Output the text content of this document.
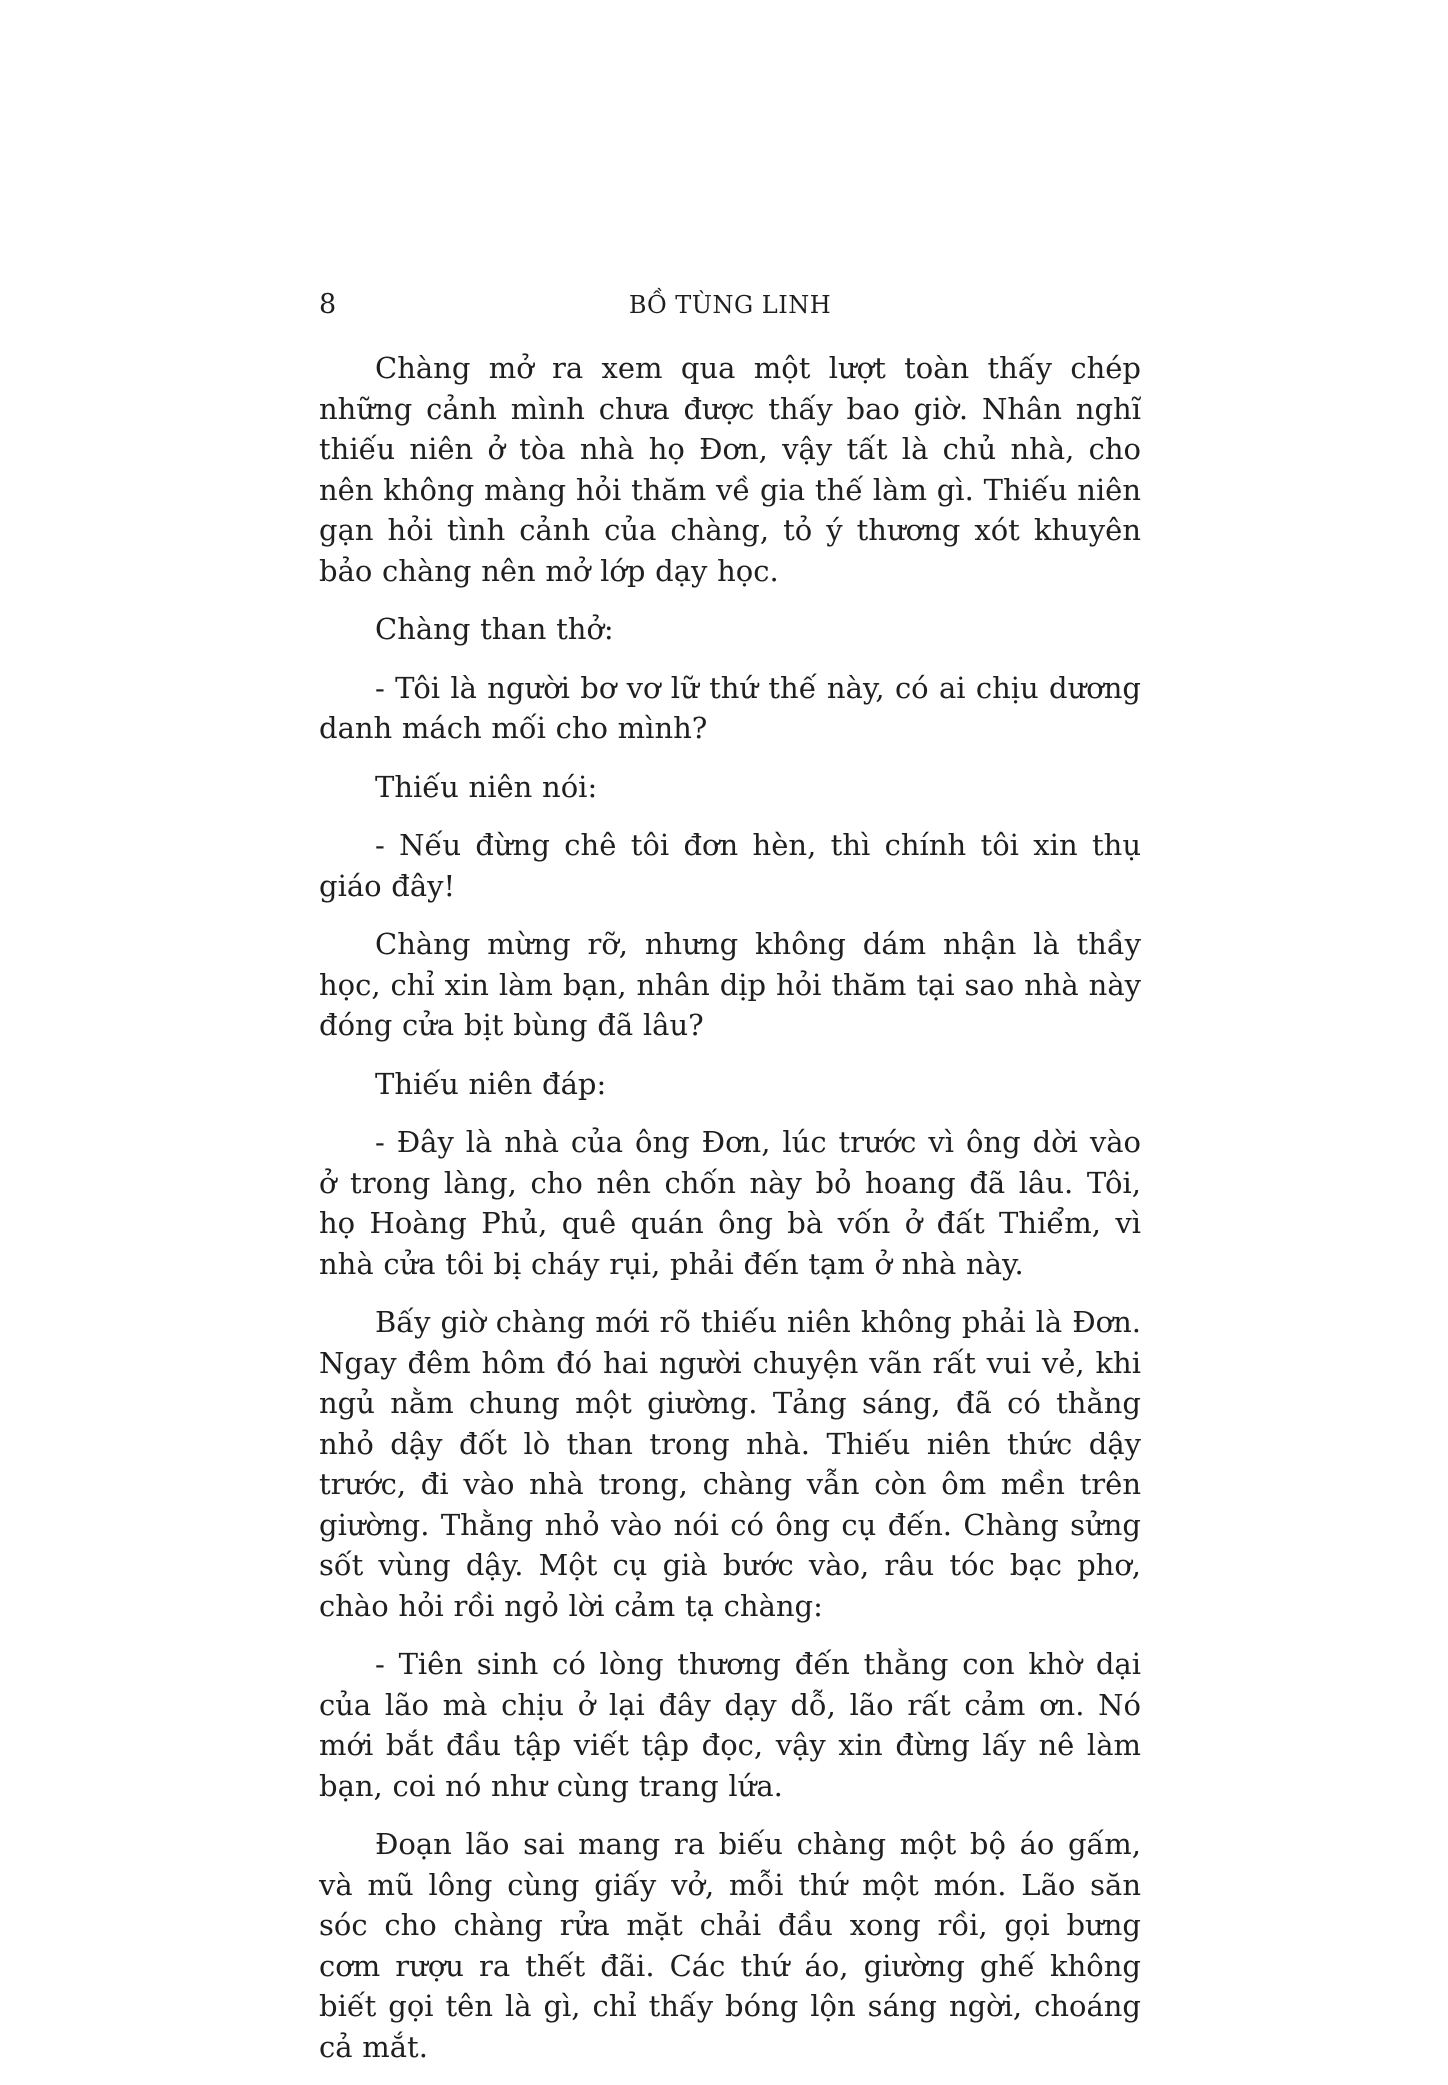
8	BỒ TÙNG LINH

Chàng mở ra xem qua một lượt toàn thấy chép những cảnh mình chưa được thấy bao giờ. Nhân nghĩ thiếu niên ở tòa nhà họ Đơn, vậy tất là chủ nhà, cho nên không màng hỏi thăm về gia thế làm gì. Thiếu niên gạn hỏi tình cảnh của chàng, tỏ ý thương xót khuyên bảo chàng nên mở lớp dạy học.

Chàng than thở:

- Tôi là người bơ vơ lữ thứ thế này, có ai chịu dương danh mách mối cho mình?

Thiếu niên nói:

- Nếu đừng chê tôi đơn hèn, thì chính tôi xin thụ giáo đây!

Chàng mừng rỡ, nhưng không dám nhận là thầy học, chỉ xin làm bạn, nhân dịp hỏi thăm tại sao nhà này đóng cửa bịt bùng đã lâu?

Thiếu niên đáp:

- Đây là nhà của ông Đơn, lúc trước vì ông dời vào ở trong làng, cho nên chốn này bỏ hoang đã lâu. Tôi, họ Hoàng Phủ, quê quán ông bà vốn ở đất Thiểm, vì nhà cửa tôi bị cháy rụi, phải đến tạm ở nhà này.

Bấy giờ chàng mới rõ thiếu niên không phải là Đơn. Ngay đêm hôm đó hai người chuyện vãn rất vui vẻ, khi ngủ nằm chung một giường. Tảng sáng, đã có thằng nhỏ dậy đốt lò than trong nhà. Thiếu niên thức dậy trước, đi vào nhà trong, chàng vẫn còn ôm mền trên giường. Thằng nhỏ vào nói có ông cụ đến. Chàng sửng sốt vùng dậy. Một cụ già bước vào, râu tóc bạc phơ, chào hỏi rồi ngỏ lời cảm tạ chàng:

- Tiên sinh có lòng thương đến thằng con khờ dại của lão mà chịu ở lại đây dạy dỗ, lão rất cảm ơn. Nó mới bắt đầu tập viết tập đọc, vậy xin đừng lấy nê làm bạn, coi nó như cùng trang lứa.

Đoạn lão sai mang ra biếu chàng một bộ áo gấm, và mũ lông cùng giấy vở, mỗi thứ một món. Lão săn sóc cho chàng rửa mặt chải đầu xong rồi, gọi bưng cơm rượu ra thết đãi. Các thứ áo, giường ghế không biết gọi tên là gì, chỉ thấy bóng lộn sáng ngời, choáng cả mắt.
